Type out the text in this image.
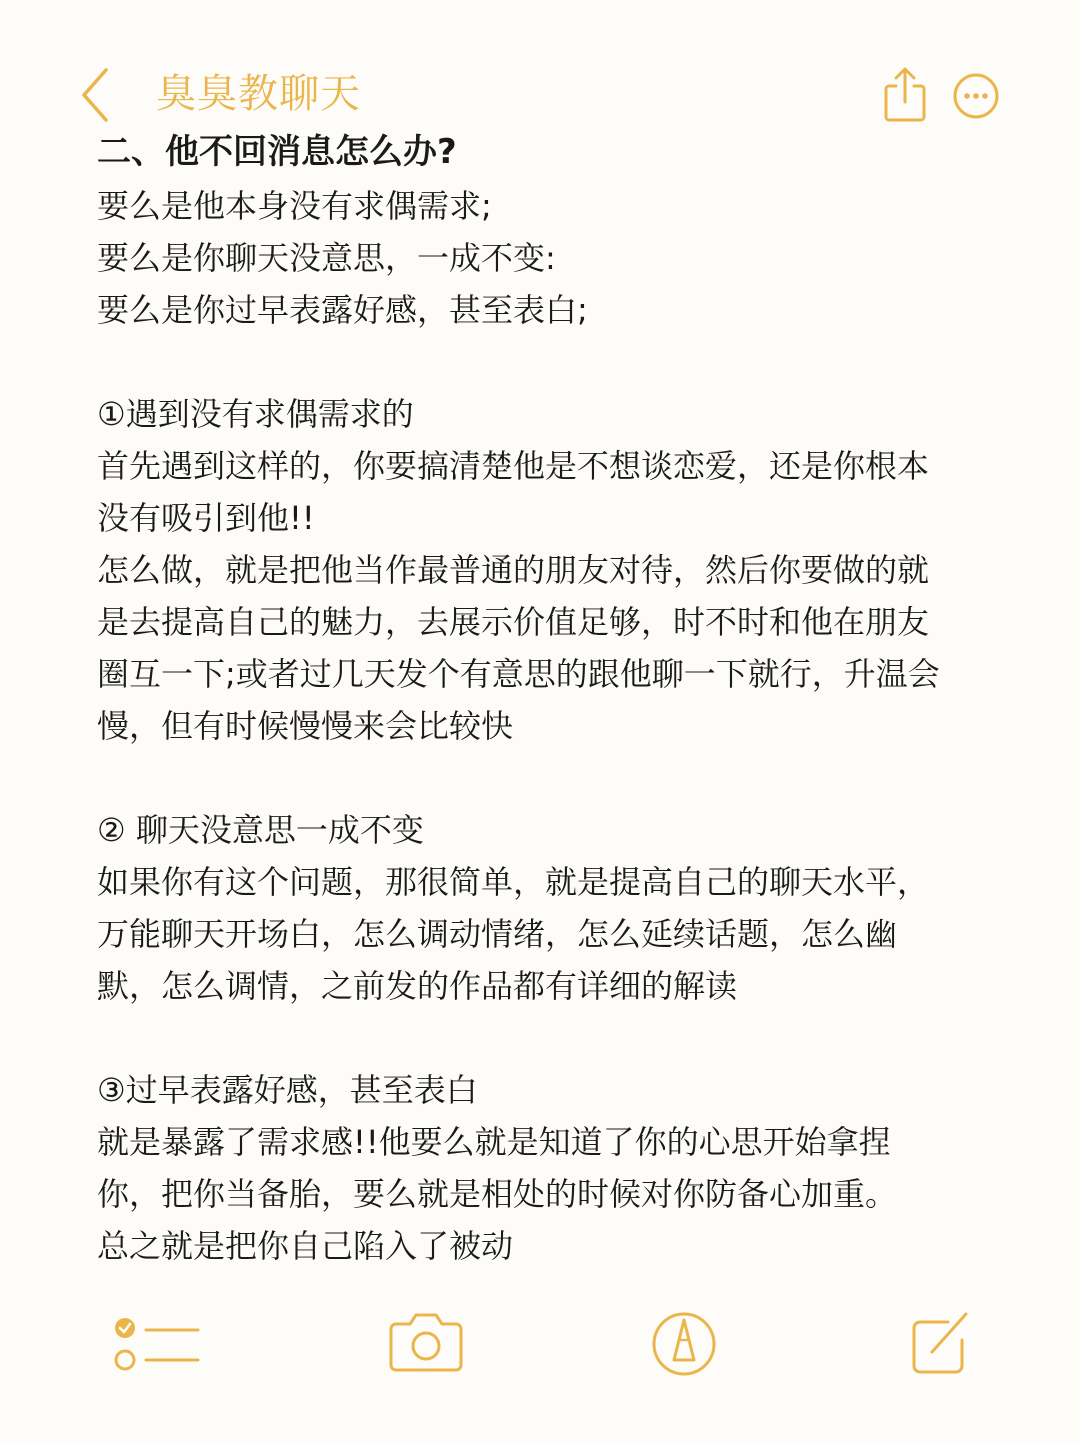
臭臭教聊天
二、他不回消息怎么办?
要么是他本身没有求偶需求;
要么是你聊天没意思，一成不变:
要么是你过早表露好感，甚至表白;
①遇到没有求偶需求的
首先遇到这样的，你要搞清楚他是不想谈恋爱，还是你根本
没有吸引到他!!
怎么做，就是把他当作最普通的朋友对待，然后你要做的就
是去提高自己的魅力，去展示价值足够，时不时和他在朋友
圈互一下;或者过几天发个有意思的跟他聊一下就行，升温会
慢，但有时候慢慢来会比较快
② 聊天没意思一成不变
如果你有这个问题，那很简单，就是提高自己的聊天水平，
万能聊天开场白，怎么调动情绪，怎么延续话题，怎么幽
默，怎么调情，之前发的作品都有详细的解读
③过早表露好感，甚至表白
就是暴露了需求感!!他要么就是知道了你的心思开始拿捏
你，把你当备胎，要么就是相处的时候对你防备心加重。
总之就是把你自己陷入了被动
